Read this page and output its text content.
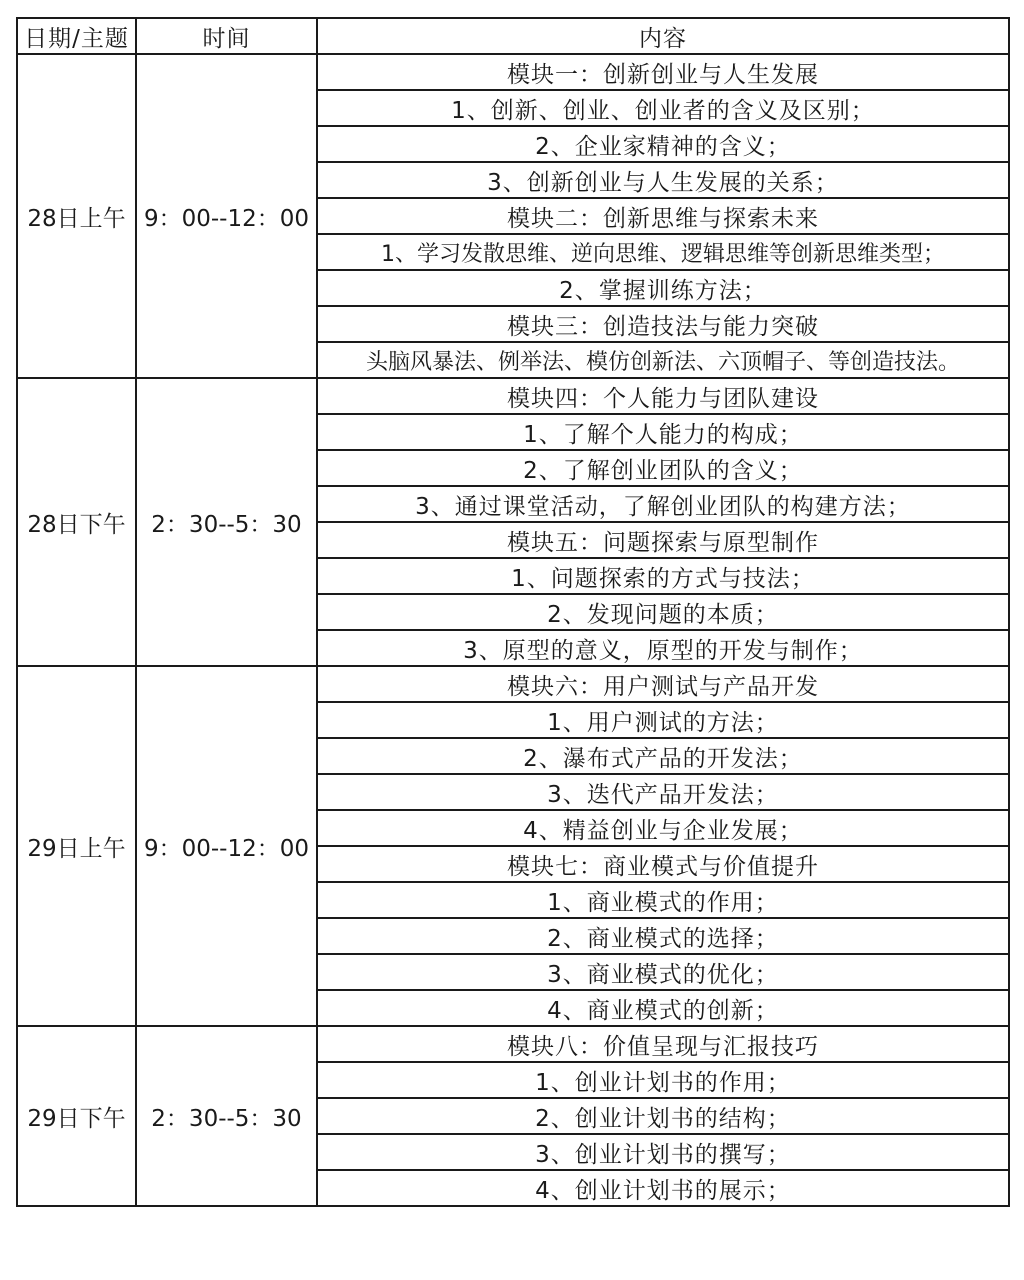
日期/主题	时间	内容
28日上午	9：00--12：00	模块一：创新创业与人生发展
		1、创新、创业、创业者的含义及区别；
		2、企业家精神的含义；
		3、创新创业与人生发展的关系；
		模块二：创新思维与探索未来
		1、学习发散思维、逆向思维、逻辑思维等创新思维类型；
		2、掌握训练方法；
		模块三：创造技法与能力突破
		头脑风暴法、例举法、模仿创新法、六顶帽子、等创造技法。
28日下午	2：30--5：30	模块四：个人能力与团队建设
		1、了解个人能力的构成；
		2、了解创业团队的含义；
		3、通过课堂活动，了解创业团队的构建方法；
		模块五：问题探索与原型制作
		1、问题探索的方式与技法；
		2、发现问题的本质；
		3、原型的意义，原型的开发与制作；
29日上午	9：00--12：00	模块六：用户测试与产品开发
		1、用户测试的方法；
		2、瀑布式产品的开发法；
		3、迭代产品开发法；
		4、精益创业与企业发展；
		模块七：商业模式与价值提升
		1、商业模式的作用；
		2、商业模式的选择；
		3、商业模式的优化；
		4、商业模式的创新；
29日下午	2：30--5：30	模块八：价值呈现与汇报技巧
		1、创业计划书的作用；
		2、创业计划书的结构；
		3、创业计划书的撰写；
		4、创业计划书的展示；
